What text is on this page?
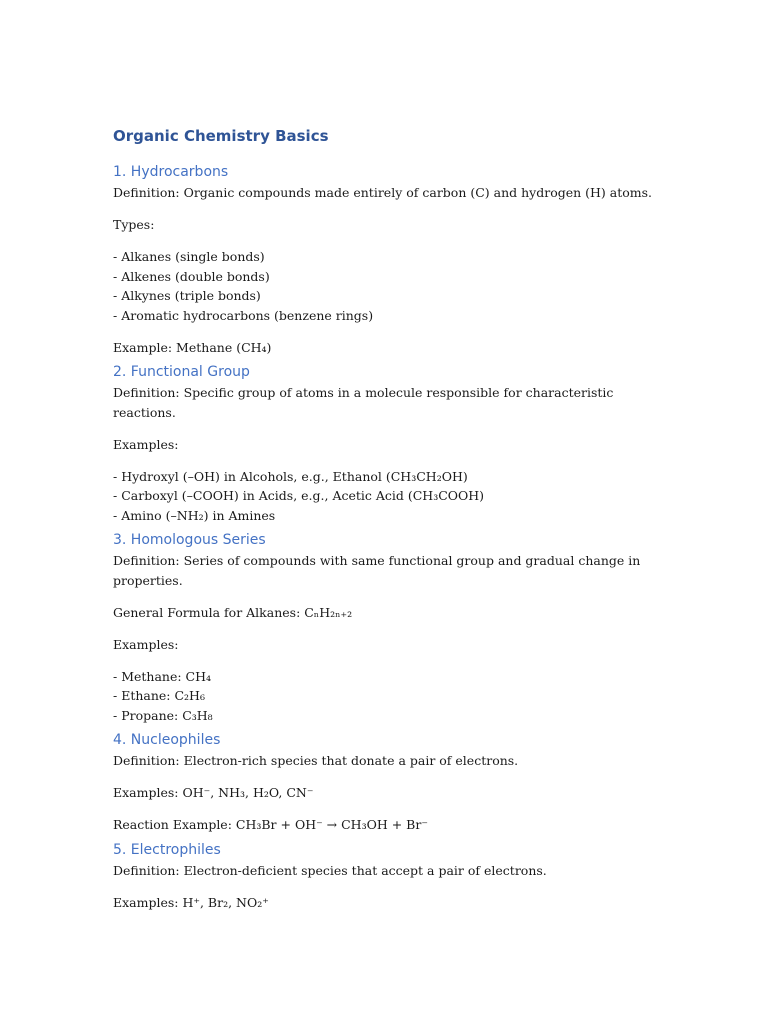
Organic Chemistry Basics
1. Hydrocarbons

Definition: Organic compounds made entirely of carbon (C) and hydrogen (H) atoms.

Types:

- Alkanes (single bonds)

- Alkenes (double bonds)

- Alkynes (triple bonds)

- Aromatic hydrocarbons (benzene rings)

Example: Methane (CH₄)

2. Functional Group

Definition: Specific group of atoms in a molecule responsible for characteristic reactions.

Examples:

- Hydroxyl (–OH) in Alcohols, e.g., Ethanol (CH₃CH₂OH)

- Carboxyl (–COOH) in Acids, e.g., Acetic Acid (CH₃COOH)

- Amino (–NH₂) in Amines

3. Homologous Series

Definition: Series of compounds with same functional group and gradual change in properties.

General Formula for Alkanes: CₙH₂ₙ₊₂

Examples:

- Methane: CH₄

- Ethane: C₂H₆

- Propane: C₃H₈

4. Nucleophiles

Definition: Electron-rich species that donate a pair of electrons.

Examples: OH⁻, NH₃, H₂O, CN⁻

Reaction Example: CH₃Br + OH⁻ → CH₃OH + Br⁻

5. Electrophiles

Definition: Electron-deficient species that accept a pair of electrons.

Examples: H⁺, Br₂, NO₂⁺
